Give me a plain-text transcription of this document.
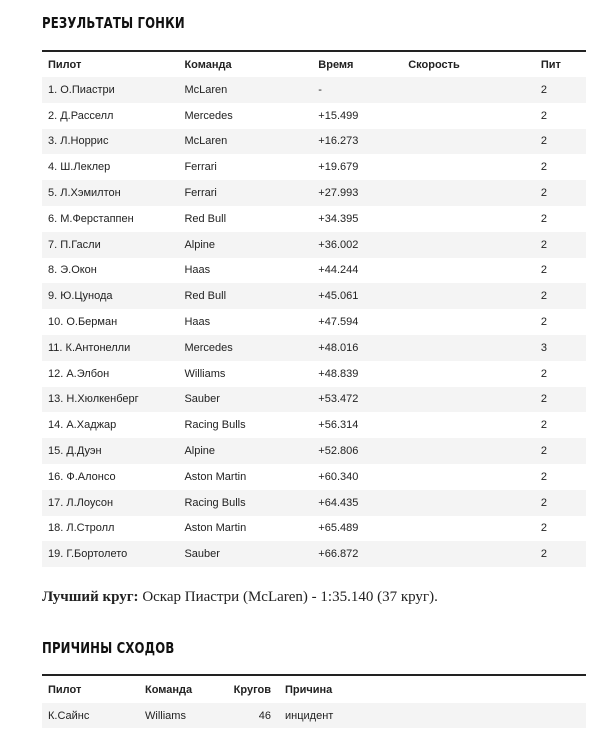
РЕЗУЛЬТАТЫ ГОНКИ
Пилот	Команда	Время	Скорость	Пит
1. О.Пиастри	McLaren	-		2
2. Д.Расселл	Mercedes	+15.499		2
3. Л.Норрис	McLaren	+16.273		2
4. Ш.Леклер	Ferrari	+19.679		2
5. Л.Хэмилтон	Ferrari	+27.993		2
6. М.Ферстаппен	Red Bull	+34.395		2
7. П.Гасли	Alpine	+36.002		2
8. Э.Окон	Haas	+44.244		2
9. Ю.Цунода	Red Bull	+45.061		2
10. О.Берман	Haas	+47.594		2
11. К.Антонелли	Mercedes	+48.016		3
12. А.Элбон	Williams	+48.839		2
13. Н.Хюлкенберг	Sauber	+53.472		2
14. А.Хаджар	Racing Bulls	+56.314		2
15. Д.Дуэн	Alpine	+52.806		2
16. Ф.Алонсо	Aston Martin	+60.340		2
17. Л.Лоусон	Racing Bulls	+64.435		2
18. Л.Стролл	Aston Martin	+65.489		2
19. Г.Бортолето	Sauber	+66.872		2
Лучший круг: Оскар Пиастри (McLaren) - 1:35.140 (37 круг).
ПРИЧИНЫ СХОДОВ
Пилот	Команда	Кругов	Причина
К.Сайнс	Williams	46	инцидент
